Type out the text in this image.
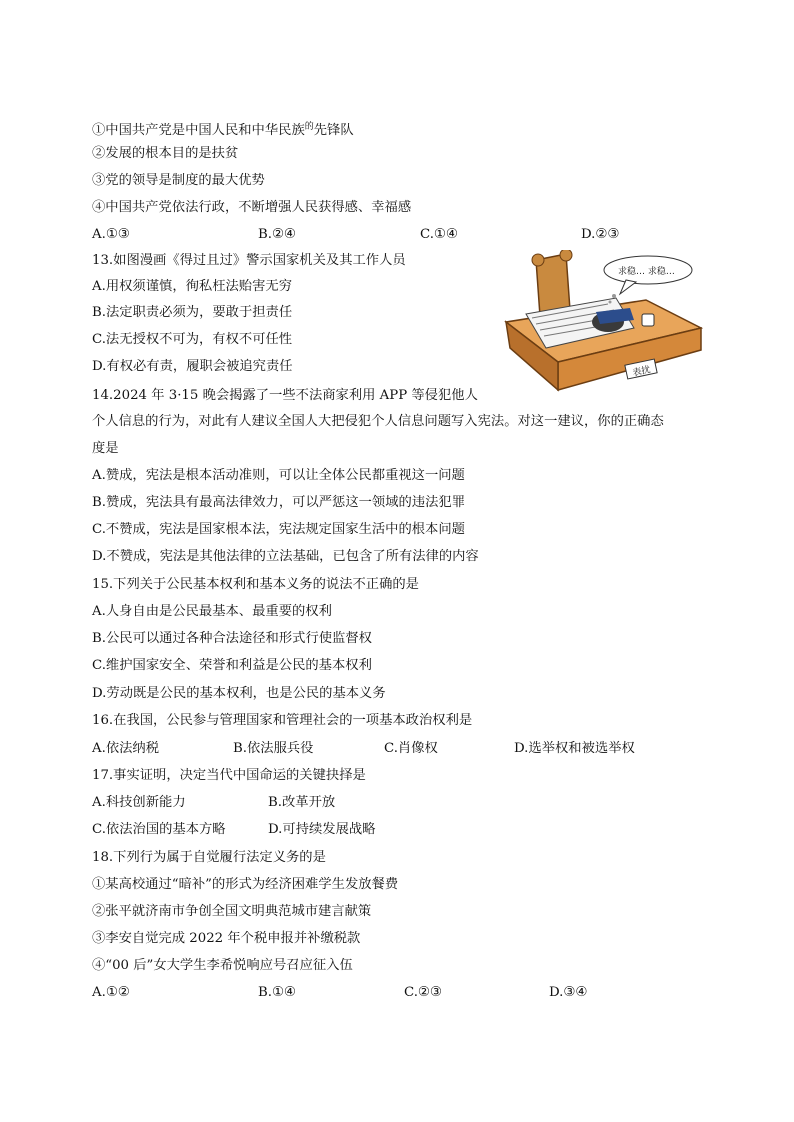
①中国共产党是中国人民和中华民族$^的$先锋队
②发展的根本目的是扶贫
③党的领导是制度的最大优势
④中国共产党依法行政，不断增强人民获得感、幸福感
A.①③	B.②④	C.①④	D.②③
13.如图漫画《得过且过》警示国家机关及其工作人员
A.用权须谨慎，徇私枉法贻害无穷
B.法定职责必须为，要敢于担责任
C.法无授权不可为，有权不可任性
D.有权必有责，履职会被追究责任	表扰
求稳… 求稳…
14.2024 年 3·15 晚会揭露了一些不法商家利用 APP 等侵犯他人
个人信息的行为，对此有人建议全国人大把侵犯个人信息问题写入宪法。对这一建议，你的正确态
度是
A.赞成，宪法是根本活动准则，可以让全体公民都重视这一问题
B.赞成，宪法具有最高法律效力，可以严惩这一领域的违法犯罪
C.不赞成，宪法是国家根本法，宪法规定国家生活中的根本问题
D.不赞成，宪法是其他法律的立法基础，已包含了所有法律的内容
15.下列关于公民基本权利和基本义务的说法不正确的是
A.人身自由是公民最基本、最重要的权利
B.公民可以通过各种合法途径和形式行使监督权
C.维护国家安全、荣誉和利益是公民的基本权利
D.劳动既是公民的基本权利，也是公民的基本义务
16.在我国，公民参与管理国家和管理社会的一项基本政治权利是
A.依法纳税	B.依法服兵役	C.肖像权	D.选举权和被选举权
17.事实证明，决定当代中国命运的关键抉择是
A.科技创新能力	B.改革开放
C.依法治国的基本方略	D.可持续发展战略
18.下列行为属于自觉履行法定义务的是
①某高校通过“暗补”的形式为经济困难学生发放餐费
②张平就济南市争创全国文明典范城市建言献策
③李安自觉完成 2022 年个税申报并补缴税款
④“00 后”女大学生李希悦响应号召应征入伍
A.①②	B.①④	C.②③	D.③④
